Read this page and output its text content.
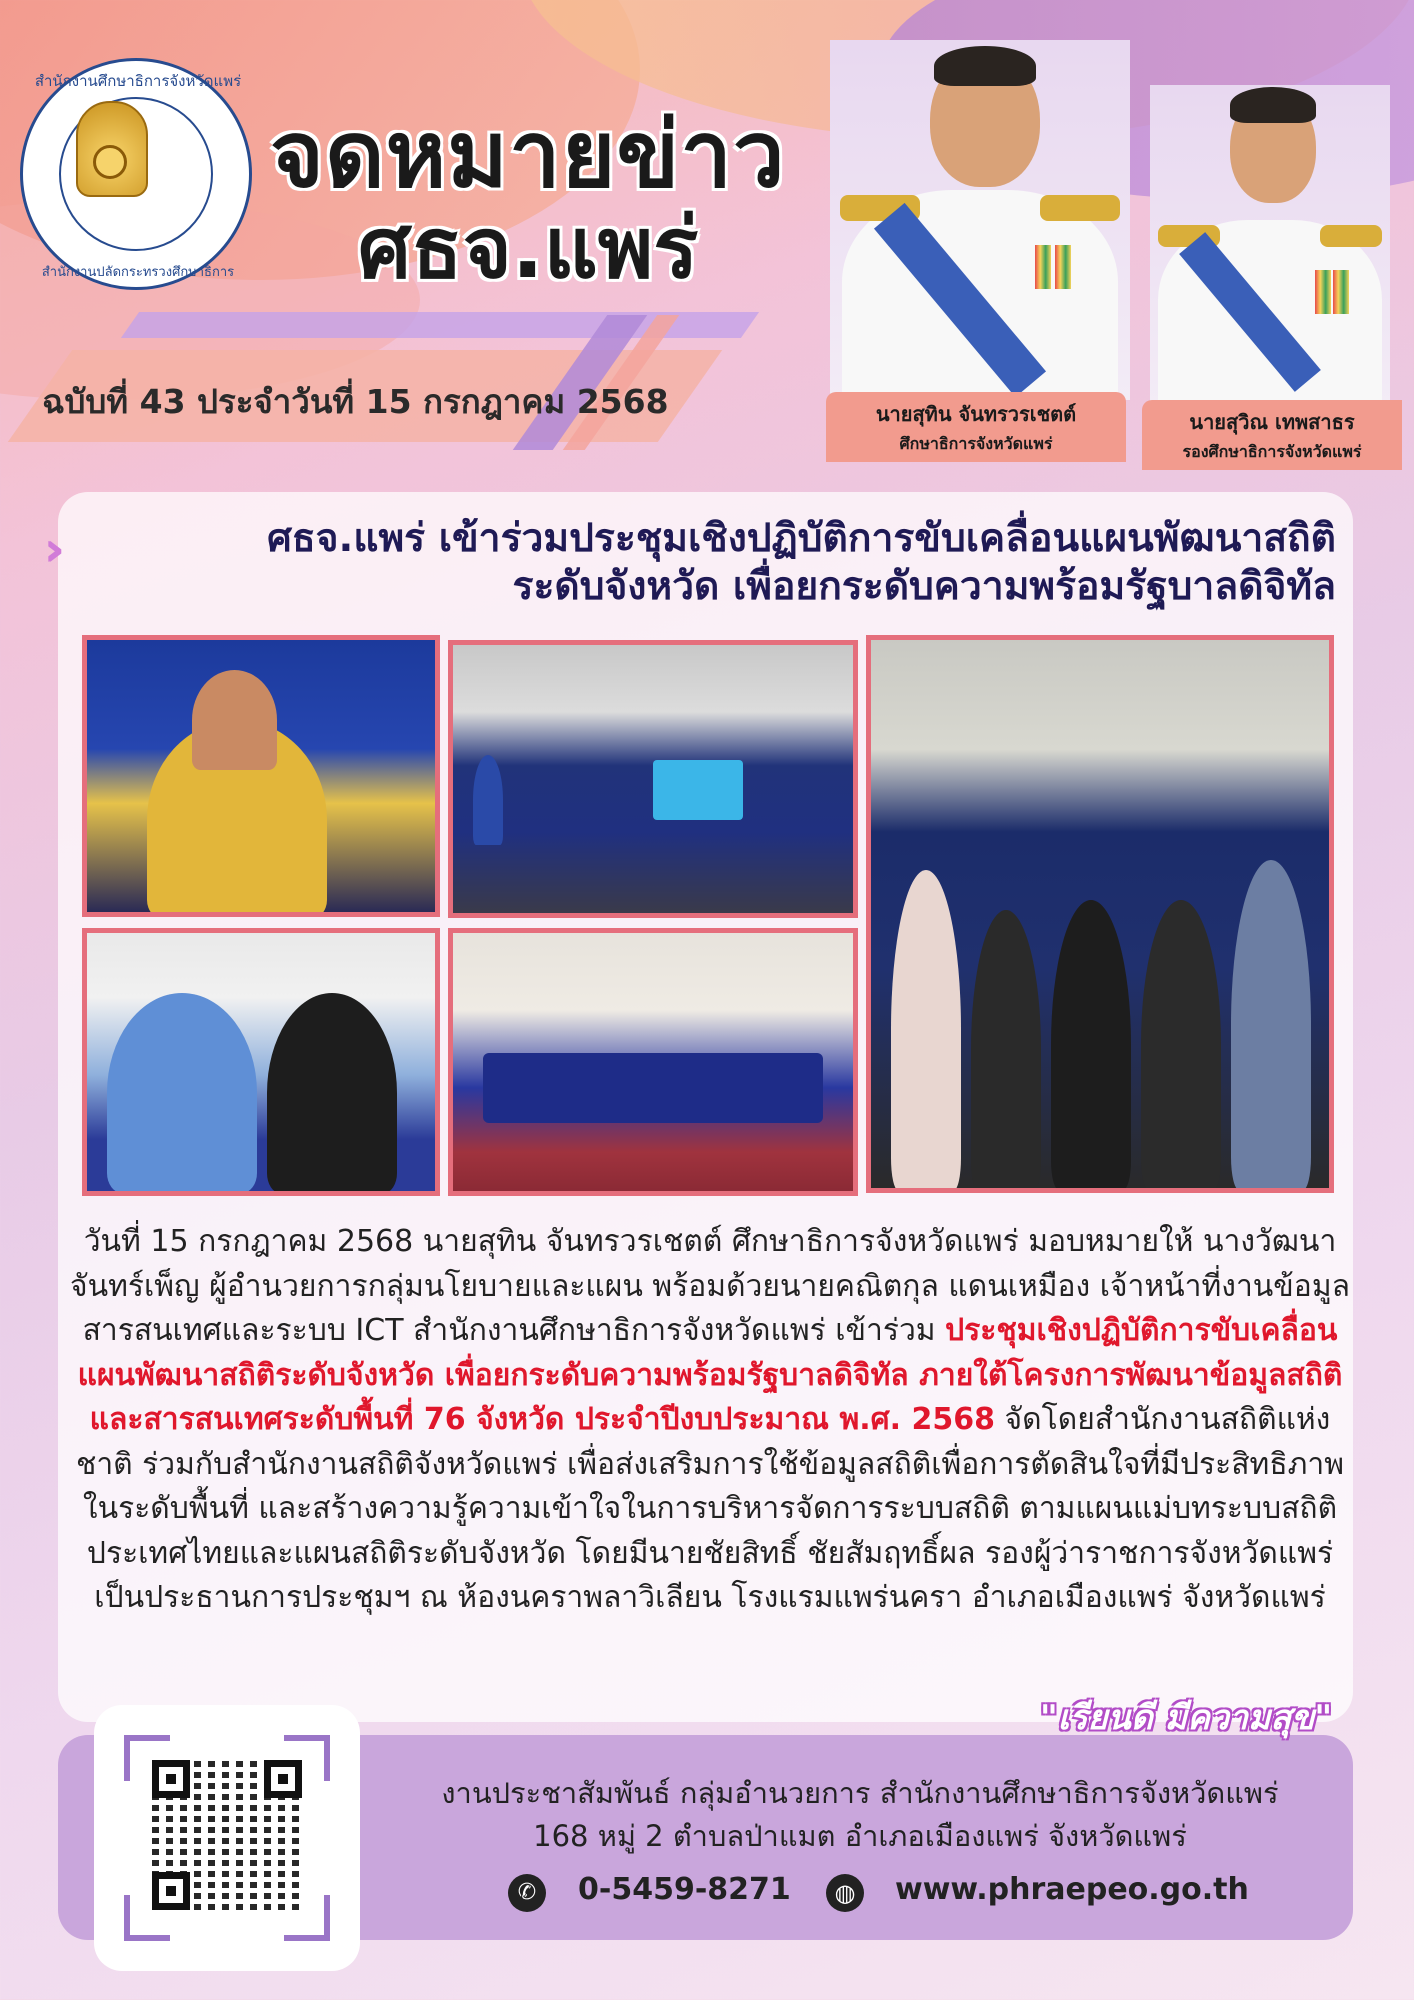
สำนักงานศึกษาธิการจังหวัดแพร่
สำนักงานปลัดกระทรวงศึกษาธิการ
จดหมายข่าว
ศธจ.แพร่
ฉบับที่ 43 ประจำวันที่ 15 กรกฎาคม 2568	นายสุทิน จันทรวรเชตต์
ศึกษาธิการจังหวัดแพร่
นายสุวิณ เทพสาธร
รองศึกษาธิการจังหวัดแพร่
›››	ศธจ.แพร่ เข้าร่วมประชุมเชิงปฏิบัติการขับเคลื่อนแผนพัฒนาสถิติ
ระดับจังหวัด เพื่อยกระดับความพร้อมรัฐบาลดิจิทัล
วันที่ 15 กรกฎาคม 2568 นายสุทิน จันทรวรเชตต์ ศึกษาธิการจังหวัดแพร่ มอบหมายให้ นางวัฒนา จันทร์เพ็ญ ผู้อำนวยการกลุ่มนโยบายและแผน พร้อมด้วยนายคณิตกุล แดนเหมือง เจ้าหน้าที่งานข้อมูลสารสนเทศและระบบ ICT สำนักงานศึกษาธิการจังหวัดแพร่ เข้าร่วม ประชุมเชิงปฏิบัติการขับเคลื่อนแผนพัฒนาสถิติระดับจังหวัด เพื่อยกระดับความพร้อมรัฐบาลดิจิทัล ภายใต้โครงการพัฒนาข้อมูลสถิติและสารสนเทศระดับพื้นที่ 76 จังหวัด ประจำปีงบประมาณ พ.ศ. 2568 จัดโดยสำนักงานสถิติแห่งชาติ ร่วมกับสำนักงานสถิติจังหวัดแพร่ เพื่อส่งเสริมการใช้ข้อมูลสถิติเพื่อการตัดสินใจที่มีประสิทธิภาพในระดับพื้นที่ และสร้างความรู้ความเข้าใจในการบริหารจัดการระบบสถิติ ตามแผนแม่บทระบบสถิติประเทศไทยและแผนสถิติระดับจังหวัด โดยมีนายชัยสิทธิ์ ชัยสัมฤทธิ์ผล รองผู้ว่าราชการจังหวัดแพร่ เป็นประธานการประชุมฯ ณ ห้องนคราพลาวิเลียน โรงแรมแพร่นครา อำเภอเมืองแพร่ จังหวัดแพร่
"เรียนดี มีความสุข"
งานประชาสัมพันธ์ กลุ่มอำนวยการ สำนักงานศึกษาธิการจังหวัดแพร่
168 หมู่ 2 ตำบลป่าแมต อำเภอเมืองแพร่ จังหวัดแพร่
✆	0-5459-8271	◍ www.phraepeo.go.th
